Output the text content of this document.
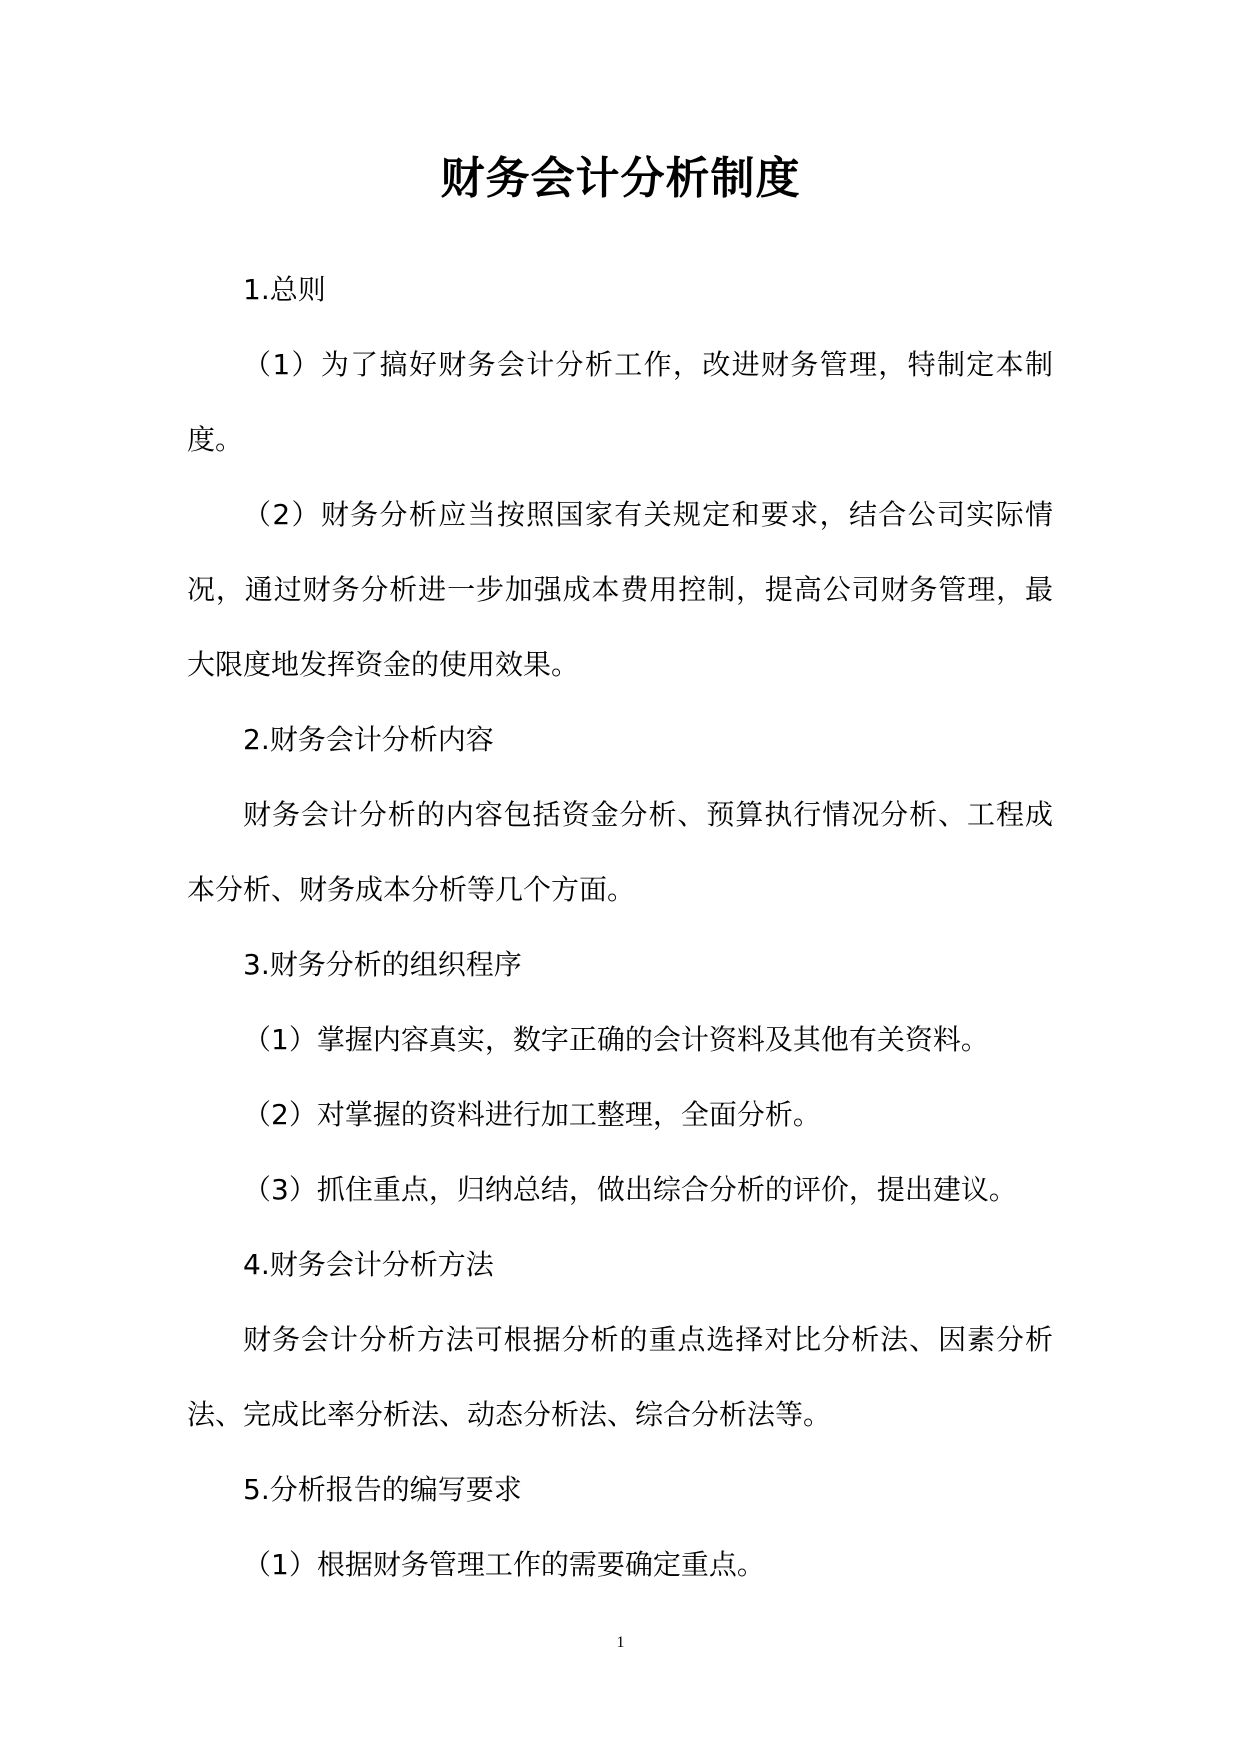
财务会计分析制度

1.总则

（1）为了搞好财务会计分析工作，改进财务管理，特制定本制度。

（2）财务分析应当按照国家有关规定和要求，结合公司实际情况，通过财务分析进一步加强成本费用控制，提高公司财务管理，最大限度地发挥资金的使用效果。

2.财务会计分析内容

财务会计分析的内容包括资金分析、预算执行情况分析、工程成本分析、财务成本分析等几个方面。

3.财务分析的组织程序

（1）掌握内容真实，数字正确的会计资料及其他有关资料。

（2）对掌握的资料进行加工整理，全面分析。

（3）抓住重点，归纳总结，做出综合分析的评价，提出建议。

4.财务会计分析方法

财务会计分析方法可根据分析的重点选择对比分析法、因素分析法、完成比率分析法、动态分析法、综合分析法等。

5.分析报告的编写要求

（1）根据财务管理工作的需要确定重点。

1
